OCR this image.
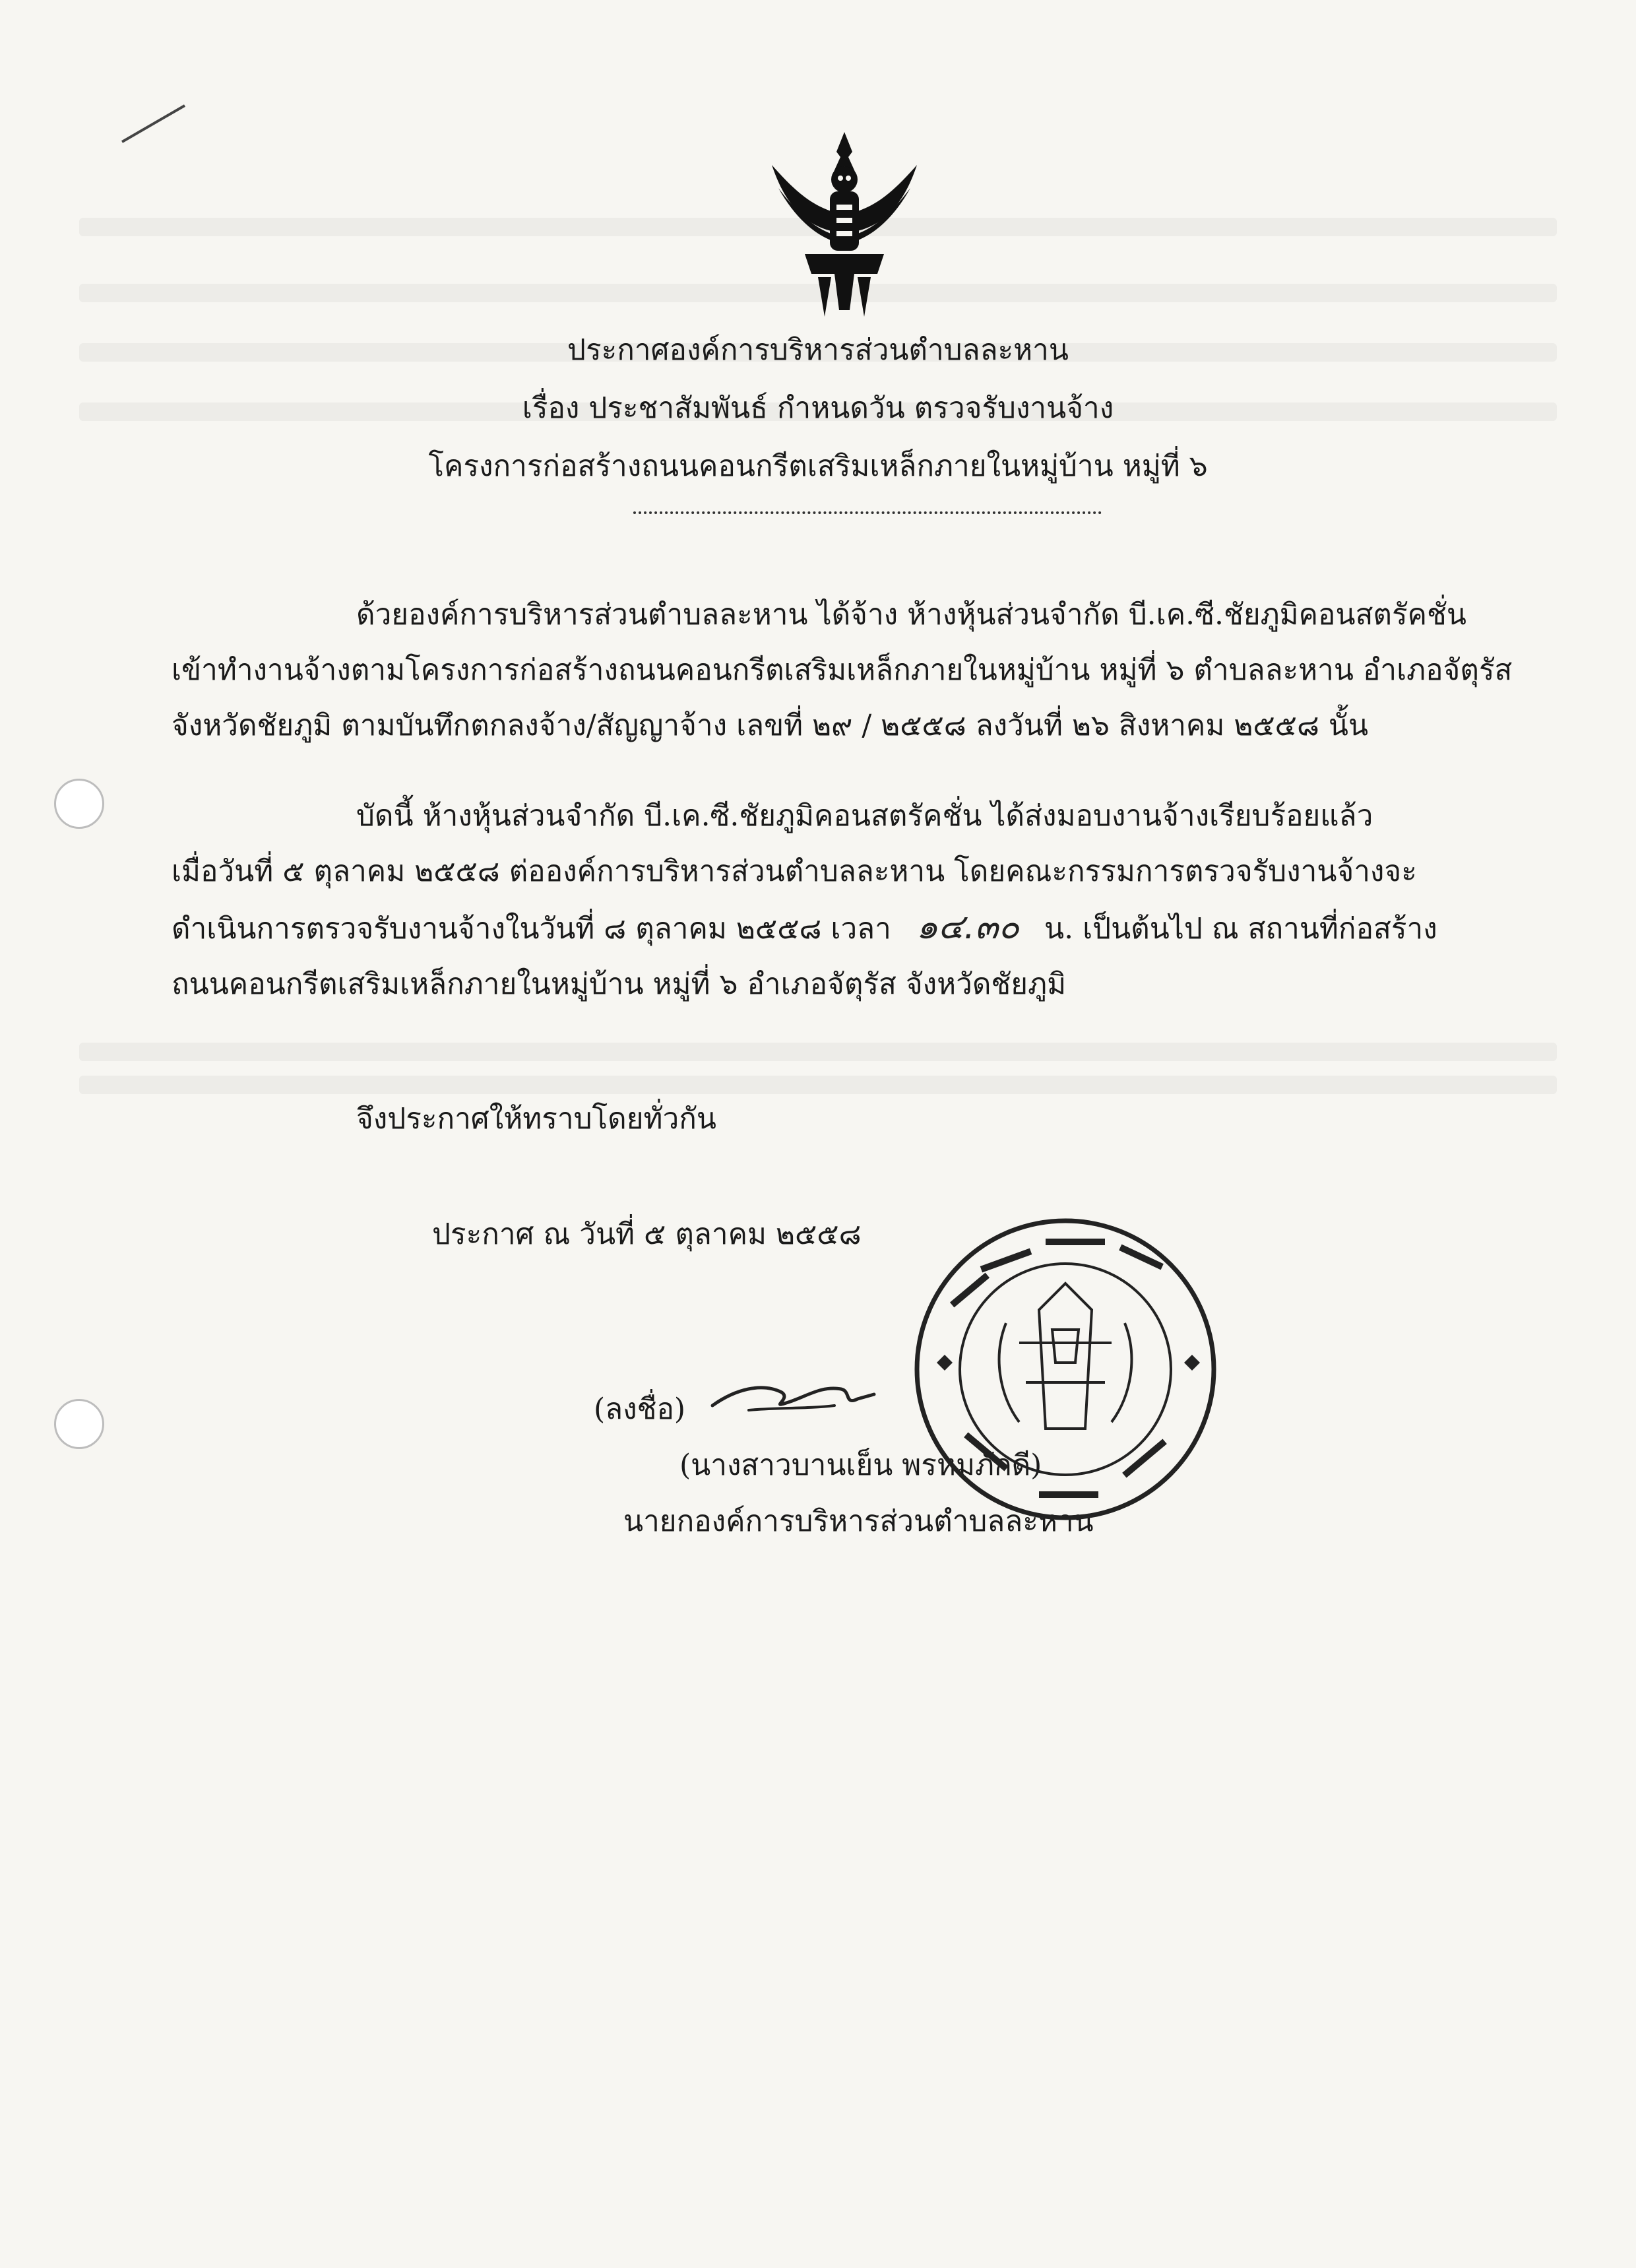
ประกาศองค์การบริหารส่วนตำบลละหาน
เรื่อง ประชาสัมพันธ์ กำหนดวัน ตรวจรับงานจ้าง
โครงการก่อสร้างถนนคอนกรีตเสริมเหล็กภายในหมู่บ้าน หมู่ที่ ๖
ด้วยองค์การบริหารส่วนตำบลละหาน ได้จ้าง ห้างหุ้นส่วนจำกัด บี.เค.ซี.ชัยภูมิคอนสตรัคชั่น
เข้าทำงานจ้างตามโครงการก่อสร้างถนนคอนกรีตเสริมเหล็กภายในหมู่บ้าน หมู่ที่ ๖ ตำบลละหาน อำเภอจัตุรัส
จังหวัดชัยภูมิ ตามบันทึกตกลงจ้าง/สัญญาจ้าง เลขที่ ๒๙ / ๒๕๕๘ ลงวันที่ ๒๖ สิงหาคม ๒๕๕๘ นั้น
บัดนี้ ห้างหุ้นส่วนจำกัด บี.เค.ซี.ชัยภูมิคอนสตรัคชั่น ได้ส่งมอบงานจ้างเรียบร้อยแล้ว
เมื่อวันที่ ๕ ตุลาคม ๒๕๕๘ ต่อองค์การบริหารส่วนตำบลละหาน โดยคณะกรรมการตรวจรับงานจ้างจะ
ดำเนินการตรวจรับงานจ้างในวันที่ ๘ ตุลาคม ๒๕๕๘ เวลา ๑๔.๓๐ น. เป็นต้นไป ณ สถานที่ก่อสร้าง
ถนนคอนกรีตเสริมเหล็กภายในหมู่บ้าน หมู่ที่ ๖ อำเภอจัตุรัส จังหวัดชัยภูมิ
จึงประกาศให้ทราบโดยทั่วกัน
ประกาศ ณ วันที่ ๕ ตุลาคม ๒๕๕๘
(ลงชื่อ)
(นางสาวบานเย็น พรหมภักดี)
นายกองค์การบริหารส่วนตำบลละหาน
